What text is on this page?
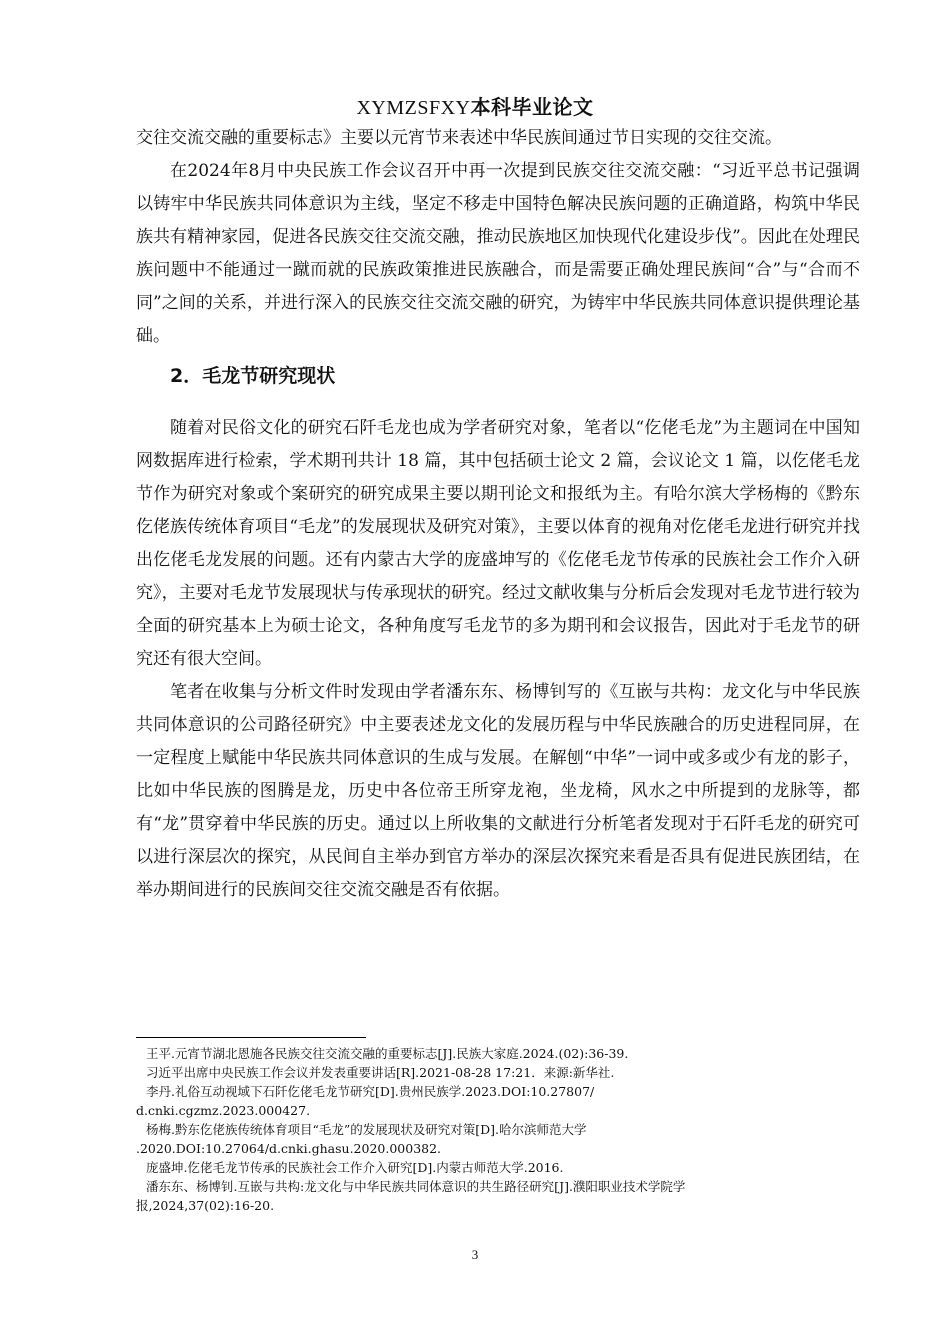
XYMZSFXY本科毕业论文

交往交流交融的重要标志》主要以元宵节来表述中华民族间通过节日实现的交往交流。

在2024年8月中央民族工作会议召开中再一次提到民族交往交流交融：“习近平总书记强调以铸牢中华民族共同体意识为主线，坚定不移走中国特色解决民族问题的正确道路，构筑中华民族共有精神家园，促进各民族交往交流交融，推动民族地区加快现代化建设步伐”。因此在处理民族问题中不能通过一蹴而就的民族政策推进民族融合，而是需要正确处理民族间“合”与“合而不同”之间的关系，并进行深入的民族交往交流交融的研究，为铸牢中华民族共同体意识提供理论基础。

2．毛龙节研究现状

随着对民俗文化的研究石阡毛龙也成为学者研究对象，笔者以“仡佬毛龙”为主题词在中国知网数据库进行检索，学术期刊共计 18 篇，其中包括硕士论文 2 篇，会议论文 1 篇，以仡佬毛龙节作为研究对象或个案研究的研究成果主要以期刊论文和报纸为主。有哈尔滨大学杨梅的《黔东仡佬族传统体育项目“毛龙”的发展现状及研究对策》，主要以体育的视角对仡佬毛龙进行研究并找出仡佬毛龙发展的问题。还有内蒙古大学的庞盛坤写的《仡佬毛龙节传承的民族社会工作介入研究》，主要对毛龙节发展现状与传承现状的研究。经过文献收集与分析后会发现对毛龙节进行较为全面的研究基本上为硕士论文，各种角度写毛龙节的多为期刊和会议报告，因此对于毛龙节的研究还有很大空间。

笔者在收集与分析文件时发现由学者潘东东、杨博钊写的《互嵌与共构：龙文化与中华民族共同体意识的公司路径研究》中主要表述龙文化的发展历程与中华民族融合的历史进程同屏，在一定程度上赋能中华民族共同体意识的生成与发展。在解刨“中华”一词中或多或少有龙的影子，比如中华民族的图腾是龙，历史中各位帝王所穿龙袍，坐龙椅，风水之中所提到的龙脉等，都有“龙”贯穿着中华民族的历史。通过以上所收集的文献进行分析笔者发现对于石阡毛龙的研究可以进行深层次的探究，从民间自主举办到官方举办的深层次探究来看是否具有促进民族团结，在举办期间进行的民族间交往交流交融是否有依据。

王平.元宵节湖北恩施各民族交往交流交融的重要标志[J].民族大家庭.2024.(02):36-39.

习近平出席中央民族工作会议并发表重要讲话[R].2021-08-28 17:21．来源:新华社.

李丹.礼俗互动视域下石阡仡佬毛龙节研究[D].贵州民族学.2023.DOI:10.27807/

d.cnki.cgzmz.2023.000427.

杨梅.黔东仡佬族传统体育项目“毛龙”的发展现状及研究对策[D].哈尔滨师范大学

.2020.DOI:10.27064/d.cnki.ghasu.2020.000382.

庞盛坤.仡佬毛龙节传承的民族社会工作介入研究[D].内蒙古师范大学.2016.

潘东东、杨博钊.互嵌与共构:龙文化与中华民族共同体意识的共生路径研究[J].濮阳职业技术学院学

报,2024,37(02):16-20.

3
